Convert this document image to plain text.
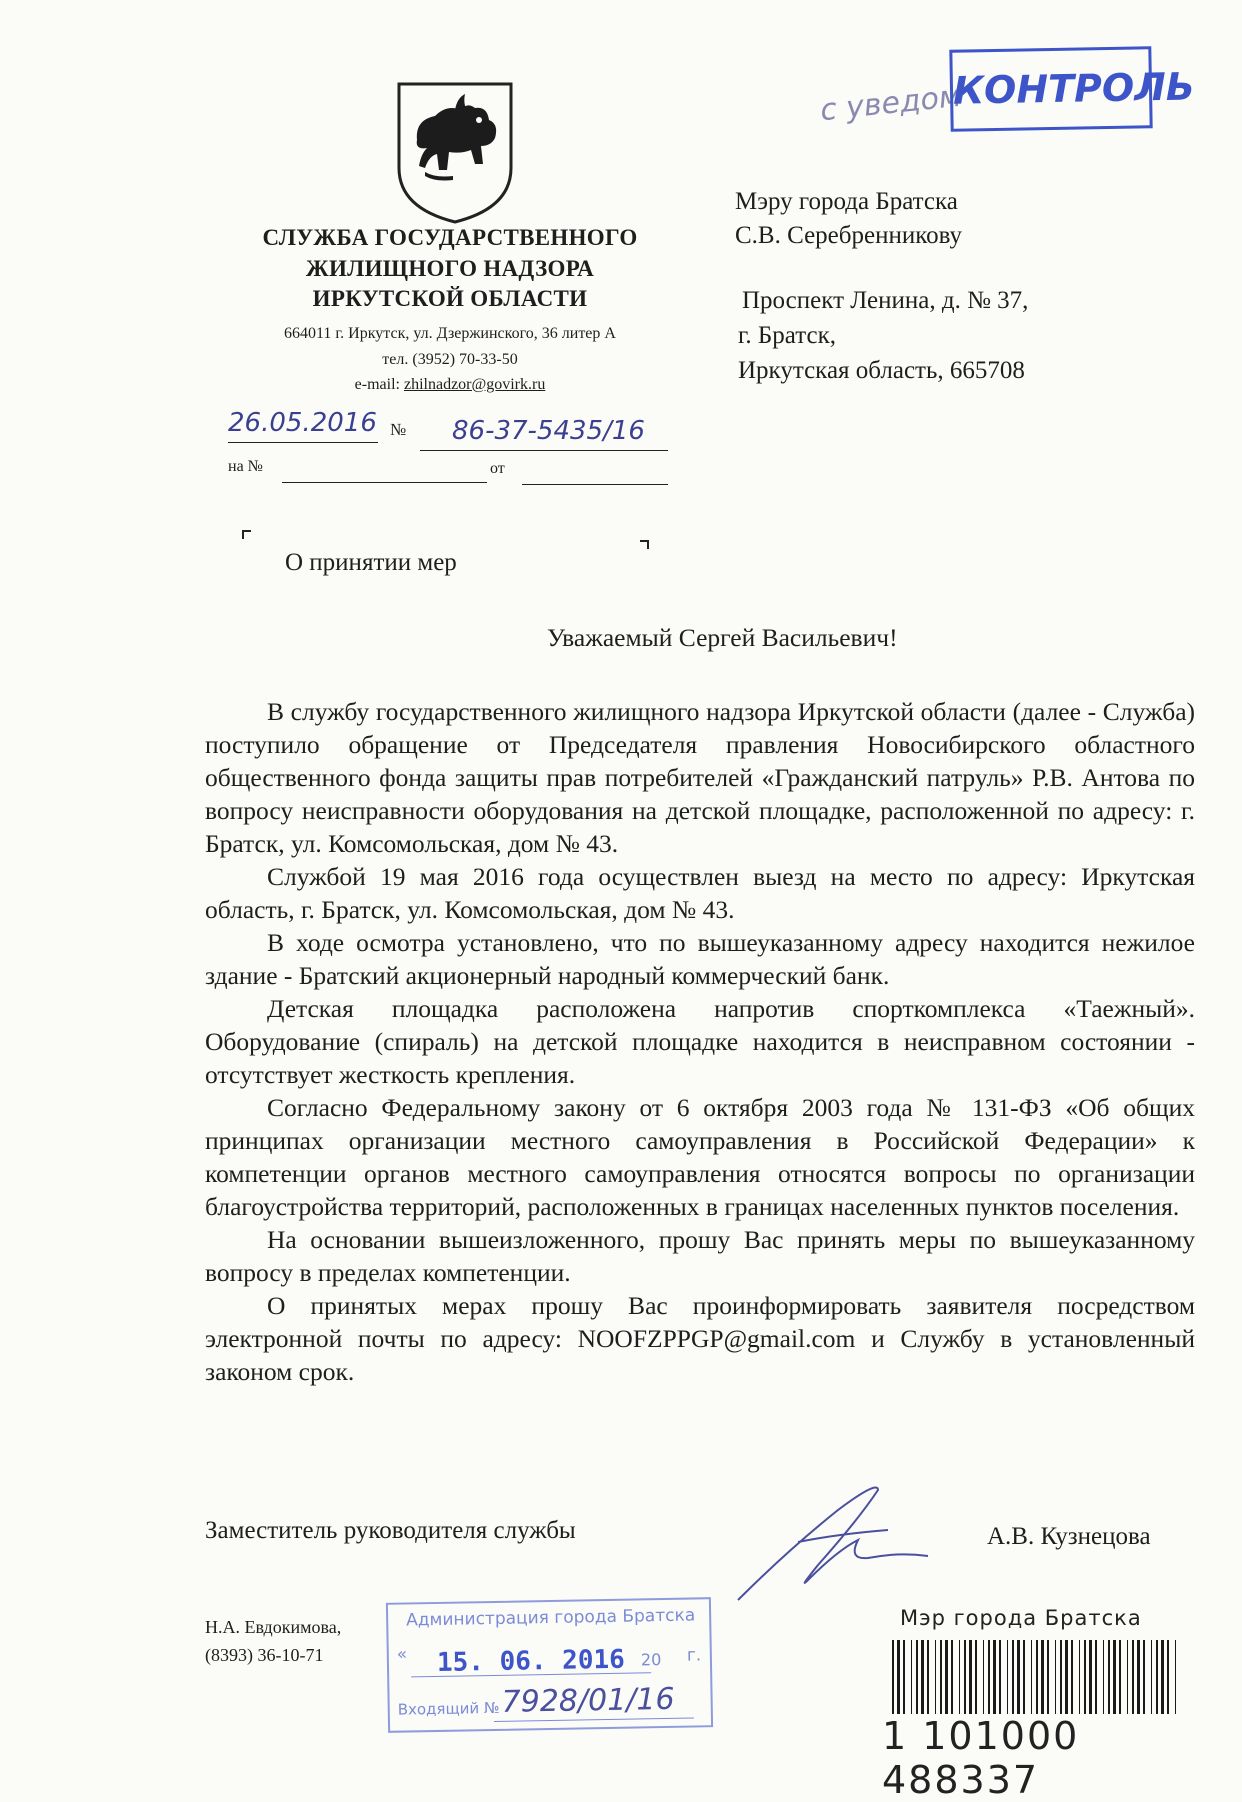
с уведом
КОНТРОЛЬ
СЛУЖБА ГОСУДАРСТВЕННОГО
ЖИЛИЩНОГО НАДЗОРА
ИРКУТСКОЙ ОБЛАСТИ
664011 г. Иркутск, ул. Дзержинского, 36 литер А
тел. (3952) 70-33-50
e-mail: zhilnadzor@govirk.ru
26.05.2016 № 86-37-5435/16
на №	от
Мэру города Братска
С.В. Серебренникову
Проспект Ленина, д. № 37,
г. Братск,
Иркутская область, 665708
О принятии мер
Уважаемый Сергей Васильевич!

В службу государственного жилищного надзора Иркутской области (далее - Служба) поступило обращение от Председателя правления Новосибирского областного общественного фонда защиты прав потребителей «Гражданский патруль» Р.В. Антова по вопросу неисправности оборудования на детской площадке, расположенной по адресу: г. Братск, ул. Комсомольская, дом № 43.

Службой 19 мая 2016 года осуществлен выезд на место по адресу: Иркутская область, г. Братск, ул. Комсомольская, дом № 43.

В ходе осмотра установлено, что по вышеуказанному адресу находится нежилое здание - Братский акционерный народный коммерческий банк.

Детская площадка расположена напротив спорткомплекса «Таежный». Оборудование (спираль) на детской площадке находится в неисправном состоянии - отсутствует жесткость крепления.

Согласно Федеральному закону от 6 октября 2003 года № 131-ФЗ «Об общих принципах организации местного самоуправления в Российской Федерации» к компетенции органов местного самоуправления относятся вопросы по организации благоустройства территорий, расположенных в границах населенных пунктов поселения.

На основании вышеизложенного, прошу Вас принять меры по вышеуказанному вопросу в пределах компетенции.

О принятых мерах прошу Вас проинформировать заявителя посредством электронной почты по адресу: NOOFZPPGP@gmail.com и Службу в установленный законом срок.

Заместитель руководителя службы	А.В. Кузнецова
Н.А. Евдокимова,
(8393) 36-10-71
Администрация города Братска
« 15. 06. 2016 20 г.
Входящий № 7928/01/16
Мэр города Братска
1 101000 488337
